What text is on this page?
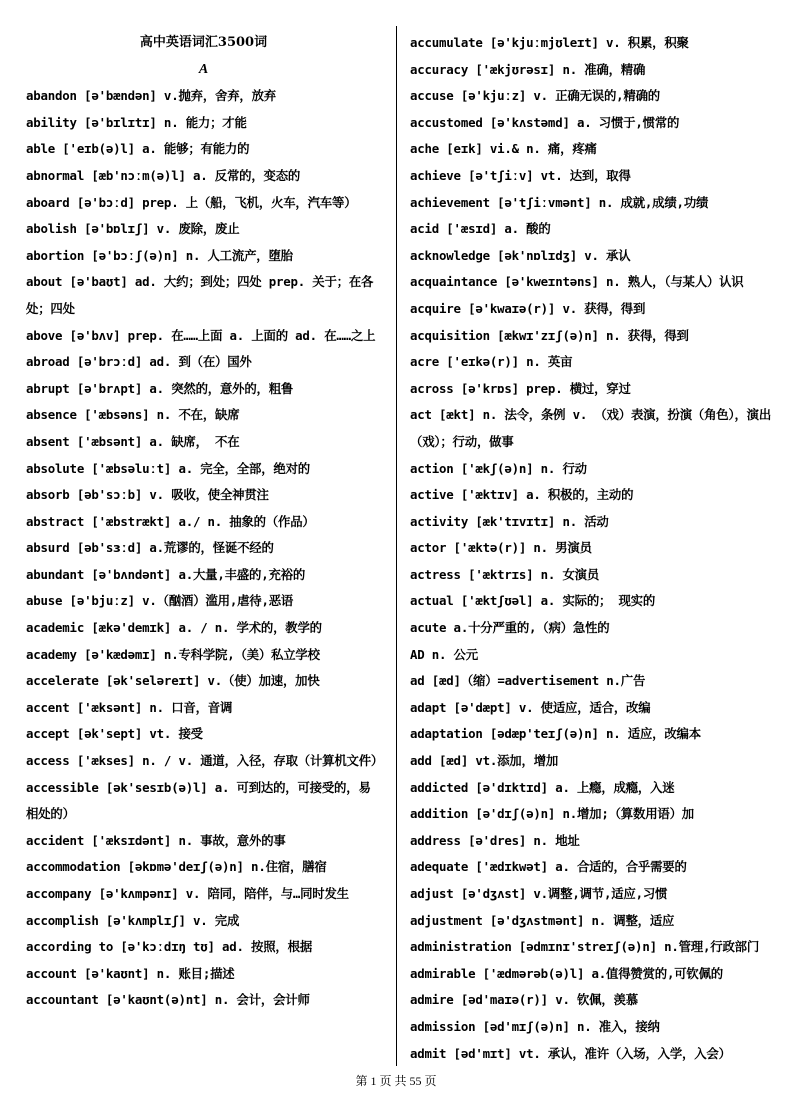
高中英语词汇3500词
A
abandon [ə'bændən] v.抛弃，舍弃，放弃
ability [ə'bɪlɪtɪ] n. 能力；才能
able ['eɪb(ə)l] a. 能够；有能力的
abnormal [æb'nɔːm(ə)l] a. 反常的，变态的
aboard [ə'bɔːd] prep. 上（船，飞机，火车，汽车等）
abolish [ə'bɒlɪʃ] v. 废除，废止
abortion [ə'bɔːʃ(ə)n] n. 人工流产，堕胎
about [ə'baʊt] ad. 大约；到处；四处 prep. 关于；在各处；四处
above [ə'bʌv] prep. 在……上面 a. 上面的 ad. 在……之上
abroad [ə'brɔːd] ad. 到（在）国外
abrupt [ə'brʌpt] a. 突然的，意外的，粗鲁
absence ['æbsəns] n. 不在，缺席
absent ['æbsənt] a. 缺席， 不在
absolute ['æbsəluːt] a. 完全，全部，绝对的
absorb [əb'sɔːb] v. 吸收，使全神贯注
abstract ['æbstrækt] a./ n. 抽象的（作品）
absurd [əb'sɜːd] a.荒谬的，怪诞不经的
abundant [ə'bʌndənt] a.大量,丰盛的,充裕的
abuse [ə'bjuːz] v.（酗酒）滥用,虐待,恶语
academic [ækə'demɪk] a. / n. 学术的，教学的
academy [ə'kædəmɪ] n.专科学院,（美）私立学校
accelerate [ək'seləreɪt] v.（使）加速，加快
accent ['æksənt] n. 口音，音调
accept [ək'sept] vt. 接受
access ['ækses] n. / v. 通道，入径，存取（计算机文件）
accessible [ək'sesɪb(ə)l] a. 可到达的，可接受的，易相处的）
accident ['æksɪdənt] n. 事故，意外的事
accommodation [əkɒmə'deɪʃ(ə)n] n.住宿，膳宿
accompany [ə'kʌmpənɪ] v. 陪同，陪伴，与…同时发生
accomplish [ə'kʌmplɪʃ] v. 完成
according to [ə'kɔːdɪŋ tʊ] ad. 按照，根据
account [ə'kaʊnt] n. 账目;描述
accountant [ə'kaʊnt(ə)nt] n. 会计，会计师
accumulate [ə'kjuːmjʊleɪt] v. 积累，积聚
accuracy ['ækjʊrəsɪ] n. 准确，精确
accuse [ə'kjuːz] v. 正确无误的,精确的
accustomed [ə'kʌstəmd] a. 习惯于,惯常的
ache [eɪk] vi.& n. 痛，疼痛
achieve [ə'tʃiːv] vt. 达到，取得
achievement [ə'tʃiːvmənt] n. 成就,成绩,功绩
acid ['æsɪd] a. 酸的
acknowledge [ək'nɒlɪdʒ] v. 承认
acquaintance [ə'kweɪntəns] n. 熟人，（与某人）认识
acquire [ə'kwaɪə(r)] v. 获得，得到
acquisition [ækwɪ'zɪʃ(ə)n] n. 获得，得到
acre ['eɪkə(r)] n. 英亩
across [ə'krɒs] prep. 横过，穿过
act [ækt] n. 法令，条例 v. （戏）表演，扮演（角色），演出（戏）；行动，做事
action ['ækʃ(ə)n] n. 行动
active ['æktɪv] a. 积极的，主动的
activity [æk'tɪvɪtɪ] n. 活动
actor ['æktə(r)] n. 男演员
actress ['æktrɪs] n. 女演员
actual ['æktʃʊəl] a. 实际的； 现实的
acute a.十分严重的,（病）急性的
AD n. 公元
ad [æd]（缩）=advertisement n.广告
adapt [ə'dæpt] v. 使适应，适合，改编
adaptation [ədæp'teɪʃ(ə)n] n. 适应，改编本
add [æd] vt.添加，增加
addicted [ə'dɪktɪd] a. 上瘾，成瘾，入迷
addition [ə'dɪʃ(ə)n] n.增加;（算数用语）加
address [ə'dres] n. 地址
adequate ['ædɪkwət] a. 合适的，合乎需要的
adjust [ə'dʒʌst] v.调整,调节,适应,习惯
adjustment [ə'dʒʌstmənt] n. 调整，适应
administration [ədmɪnɪ'streɪʃ(ə)n] n.管理,行政部门
admirable ['ædmərəb(ə)l] a.值得赞赏的,可钦佩的
admire [əd'maɪə(r)] v. 钦佩，羡慕
admission [əd'mɪʃ(ə)n] n. 准入，接纳
admit [əd'mɪt] vt. 承认，准许（入场，入学，入会）
第 1 页 共 55 页
